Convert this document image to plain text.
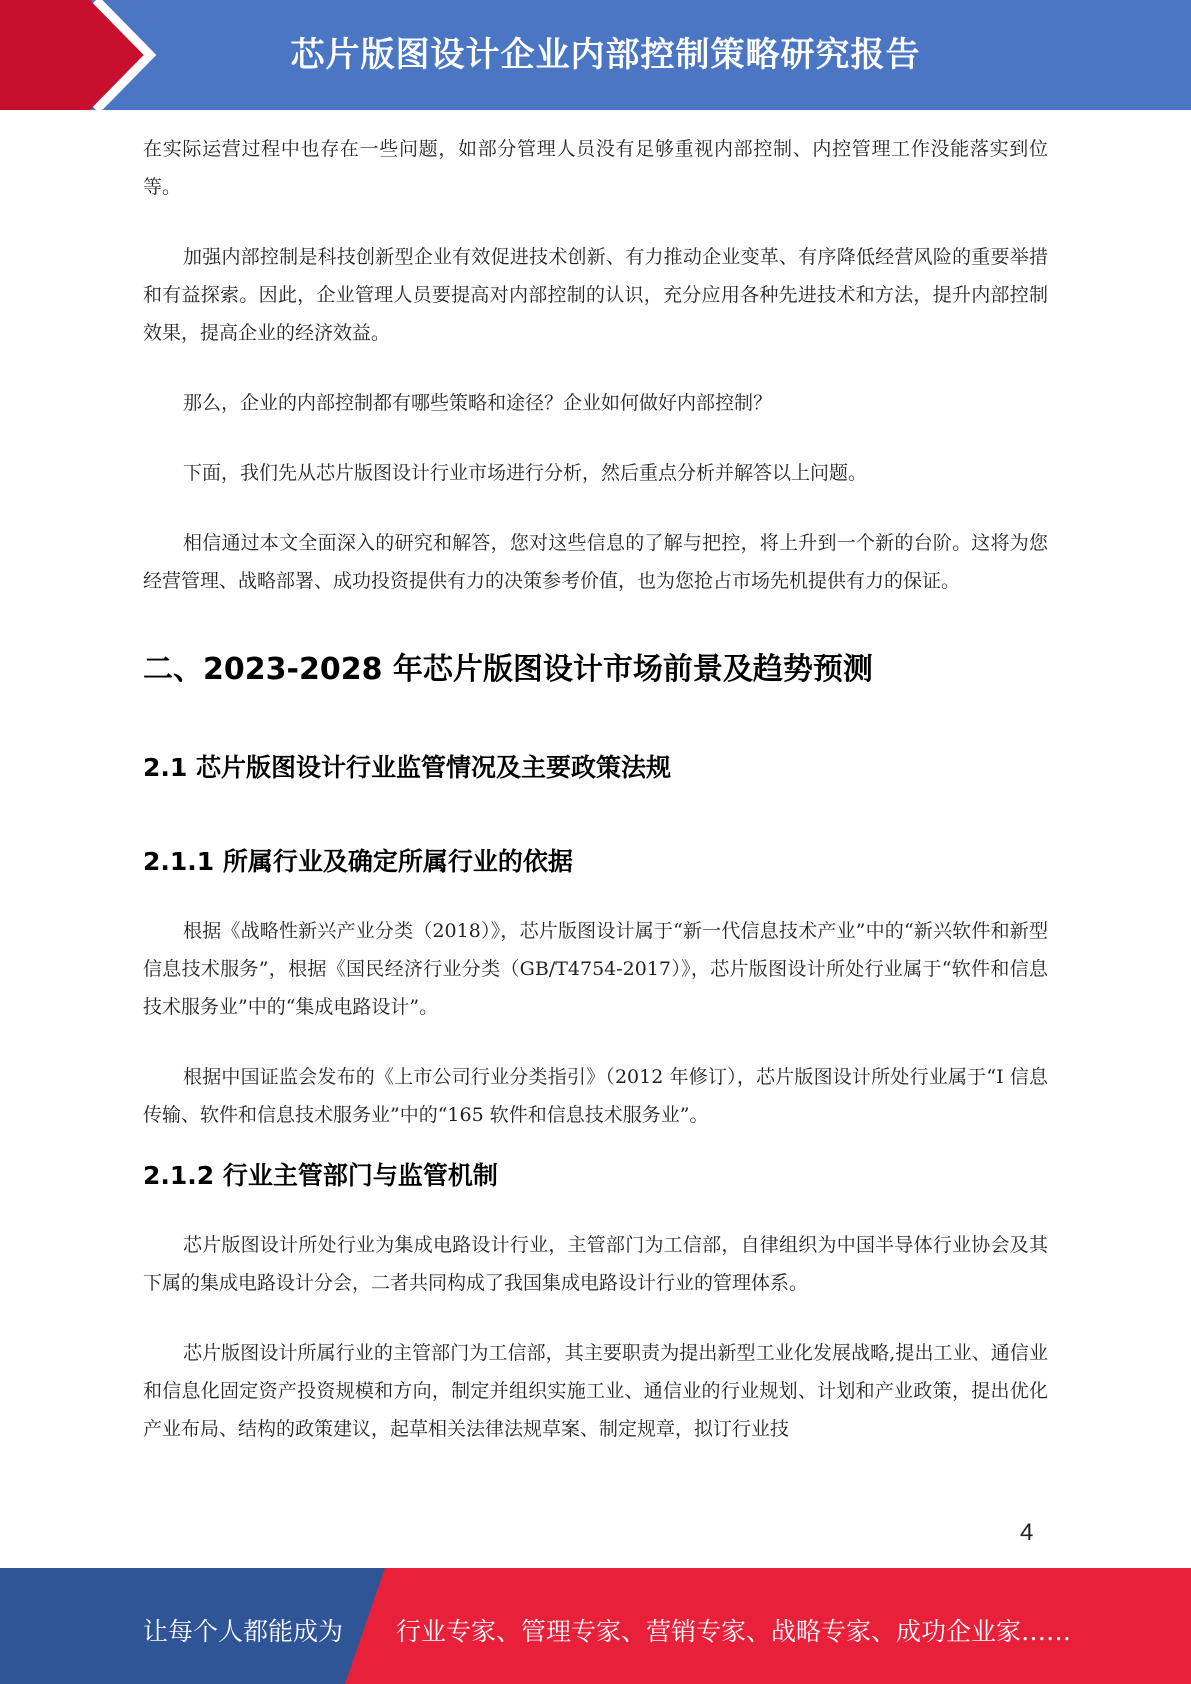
芯片版图设计企业内部控制策略研究报告

在实际运营过程中也存在一些问题，如部分管理人员没有足够重视内部控制、内控管理工作没能落实到位等。

加强内部控制是科技创新型企业有效促进技术创新、有力推动企业变革、有序降低经营风险的重要举措和有益探索。因此，企业管理人员要提高对内部控制的认识，充分应用各种先进技术和方法，提升内部控制效果，提高企业的经济效益。

那么，企业的内部控制都有哪些策略和途径？企业如何做好内部控制？

下面，我们先从芯片版图设计行业市场进行分析，然后重点分析并解答以上问题。

相信通过本文全面深入的研究和解答，您对这些信息的了解与把控，将上升到一个新的台阶。这将为您经营管理、战略部署、成功投资提供有力的决策参考价值，也为您抢占市场先机提供有力的保证。

二、2023-2028 年芯片版图设计市场前景及趋势预测
2.1 芯片版图设计行业监管情况及主要政策法规
2.1.1 所属行业及确定所属行业的依据

根据《战略性新兴产业分类（2018）》，芯片版图设计属于“新一代信息技术产业”中的“新兴软件和新型信息技术服务”，根据《国民经济行业分类（GB/T4754-2017）》，芯片版图设计所处行业属于“软件和信息技术服务业”中的“集成电路设计”。

根据中国证监会发布的《上市公司行业分类指引》（2012 年修订），芯片版图设计所处行业属于“I 信息传输、软件和信息技术服务业”中的“165 软件和信息技术服务业”。

2.1.2 行业主管部门与监管机制

芯片版图设计所处行业为集成电路设计行业，主管部门为工信部，自律组织为中国半导体行业协会及其下属的集成电路设计分会，二者共同构成了我国集成电路设计行业的管理体系。

芯片版图设计所属行业的主管部门为工信部，其主要职责为提出新型工业化发展战略,提出工业、通信业和信息化固定资产投资规模和方向，制定并组织实施工业、通信业的行业规划、计划和产业政策，提出优化产业布局、结构的政策建议，起草相关法律法规草案、制定规章，拟订行业技

4
让每个人都能成为 行业专家、管理专家、营销专家、战略专家、成功企业家……
